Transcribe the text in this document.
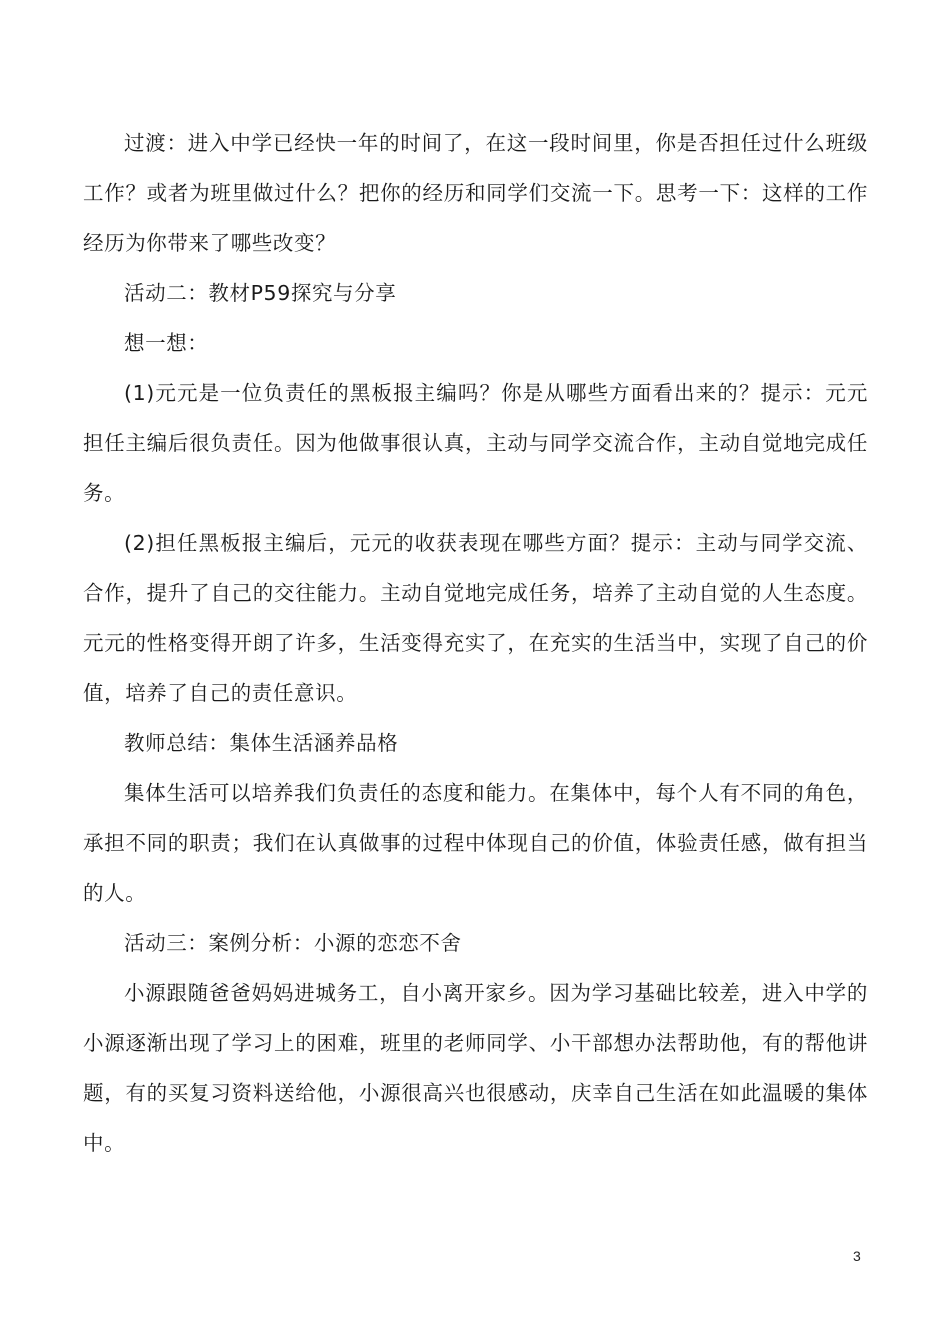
过渡：进入中学已经快一年的时间了，在这一段时间里，你是否担任过什么班级工作？或者为班里做过什么？把你的经历和同学们交流一下。思考一下：这样的工作经历为你带来了哪些改变？

活动二：教材P59探究与分享

想一想：

(1)元元是一位负责任的黑板报主编吗？你是从哪些方面看出来的？提示：元元担任主编后很负责任。因为他做事很认真，主动与同学交流合作，主动自觉地完成任务。

(2)担任黑板报主编后，元元的收获表现在哪些方面？提示：主动与同学交流、合作，提升了自己的交往能力。主动自觉地完成任务，培养了主动自觉的人生态度。元元的性格变得开朗了许多，生活变得充实了，在充实的生活当中，实现了自己的价值，培养了自己的责任意识。

教师总结：集体生活涵养品格

集体生活可以培养我们负责任的态度和能力。在集体中，每个人有不同的角色，承担不同的职责；我们在认真做事的过程中体现自己的价值，体验责任感，做有担当的人。

活动三：案例分析：小源的恋恋不舍

小源跟随爸爸妈妈进城务工，自小离开家乡。因为学习基础比较差，进入中学的小源逐渐出现了学习上的困难，班里的老师同学、小干部想办法帮助他，有的帮他讲题，有的买复习资料送给他，小源很高兴也很感动，庆幸自己生活在如此温暖的集体中。

3
